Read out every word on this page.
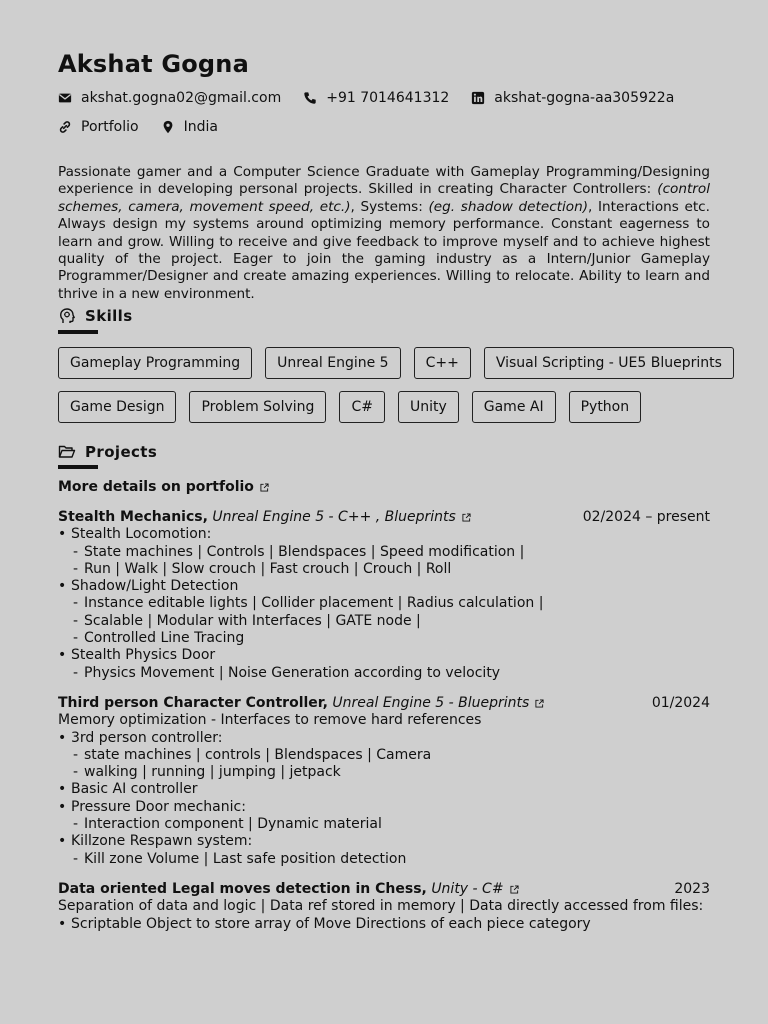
Akshat Gogna
akshat.gogna02@gmail.com	+91 7014641312	akshat-gogna-aa305922a
Portfolio	India
Passionate gamer and a Computer Science Graduate with Gameplay Programming/Designing experience in developing personal projects. Skilled in creating Character Controllers: (control schemes, camera, movement speed, etc.), Systems: (eg. shadow detection), Interactions etc. Always design my systems around optimizing memory performance. Constant eagerness to learn and grow. Willing to receive and give feedback to improve myself and to achieve highest quality of the project. Eager to join the gaming industry as a Intern/Junior Gameplay Programmer/Designer and create amazing experiences. Willing to relocate. Ability to learn and thrive in a new environment.
Skills
Gameplay Programming	Unreal Engine 5	C++	Visual Scripting - UE5 Blueprints
Game Design	Problem Solving	C#	Unity	Game AI	Python
Projects
More details on portfolio
Stealth Mechanics, Unreal Engine 5 - C++ , Blueprints	02/2024 – present
• Stealth Locomotion:
- State machines | Controls | Blendspaces | Speed modification |
- Run | Walk | Slow crouch | Fast crouch | Crouch | Roll
• Shadow/Light Detection
- Instance editable lights | Collider placement | Radius calculation |
- Scalable | Modular with Interfaces | GATE node |
- Controlled Line Tracing
• Stealth Physics Door
- Physics Movement | Noise Generation according to velocity
Third person Character Controller, Unreal Engine 5 - Blueprints	01/2024
Memory optimization - Interfaces to remove hard references
• 3rd person controller:
- state machines | controls | Blendspaces | Camera
- walking | running | jumping | jetpack
• Basic AI controller
• Pressure Door mechanic:
- Interaction component | Dynamic material
• Killzone Respawn system:
- Kill zone Volume | Last safe position detection
Data oriented Legal moves detection in Chess, Unity - C#	2023
Separation of data and logic | Data ref stored in memory | Data directly accessed from files:
• Scriptable Object to store array of Move Directions of each piece category
